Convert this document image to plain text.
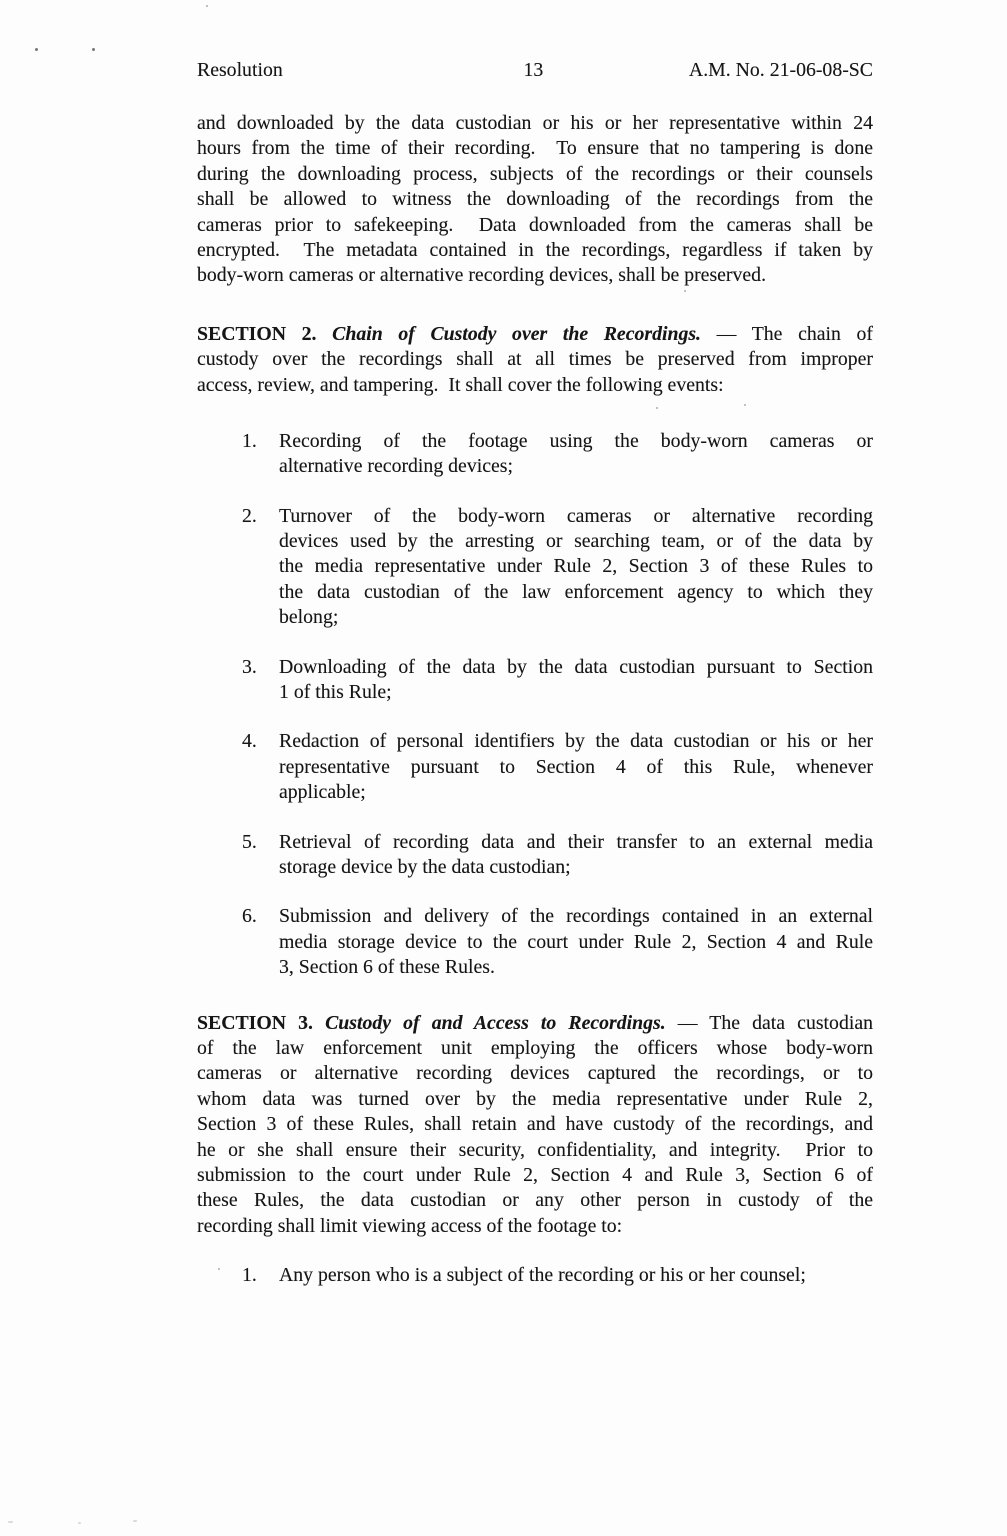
Resolution	13	A.M. No. 21-06-08-SC
and downloaded by the data custodian or his or her representative within 24
hours from the time of their recording.  To ensure that no tampering is done
during the downloading process, subjects of the recordings or their counsels
shall be allowed to witness the downloading of the recordings from the
cameras prior to safekeeping.  Data downloaded from the cameras shall be
encrypted.  The metadata contained in the recordings, regardless if taken by
body-worn cameras or alternative recording devices, shall be preserved.
SECTION 2. Chain of Custody over the Recordings. — The chain of
custody over the recordings shall at all times be preserved from improper
access, review, and tampering.  It shall cover the following events:
1. Recording of the footage using the body-worn cameras or
alternative recording devices;
2. Turnover of the body-worn cameras or alternative recording
devices used by the arresting or searching team, or of the data by
the media representative under Rule 2, Section 3 of these Rules to
the data custodian of the law enforcement agency to which they
belong;
3. Downloading of the data by the data custodian pursuant to Section
1 of this Rule;
4. Redaction of personal identifiers by the data custodian or his or her
representative pursuant to Section 4 of this Rule, whenever
applicable;
5. Retrieval of recording data and their transfer to an external media
storage device by the data custodian;
6. Submission and delivery of the recordings contained in an external
media storage device to the court under Rule 2, Section 4 and Rule
3, Section 6 of these Rules.
SECTION 3. Custody of and Access to Recordings. — The data custodian
of the law enforcement unit employing the officers whose body-worn
cameras or alternative recording devices captured the recordings, or to
whom data was turned over by the media representative under Rule 2,
Section 3 of these Rules, shall retain and have custody of the recordings, and
he or she shall ensure their security, confidentiality, and integrity.  Prior to
submission to the court under Rule 2, Section 4 and Rule 3, Section 6 of
these Rules, the data custodian or any other person in custody of the
recording shall limit viewing access of the footage to:
1. Any person who is a subject of the recording or his or her counsel;
